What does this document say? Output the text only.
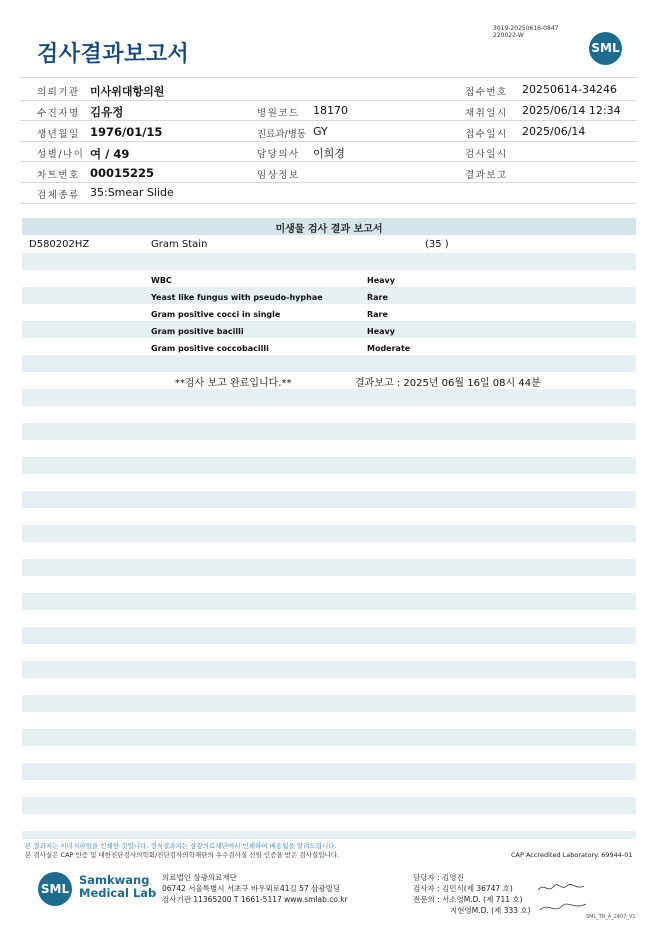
검사결과보고서
3019-20250616-0847
220022-W
SML
의뢰기관 미사위대항의원	접수번호 20250614-34246
수진자명 김유정	병원코드 18170	채취일시 2025/06/14 12:34
생년월일 1976/01/15	진료과/병동 GY	접수일시 2025/06/14
성별/나이 여 / 49	담당의사 이희경	검사일시
차트번호 00015225	임상정보	결과보고
검체종류 35:Smear Slide
미생물 검사 결과 보고서
D580202HZ	Gram Stain	(35 )
WBC	Heavy
Yeast like fungus with pseudo-hyphae	Rare
Gram positive cocci in single	Rare
Gram positive bacilli	Heavy
Gram positive coccobacilli	Moderate
**검사 보고 완료입니다.**	결과보고 : 2025년 06월 16일 08시 44분
본 결과지는 이미지파일을 인쇄한 것입니다. 정식결과지는 삼광의료재단에서 인쇄하여 배송됨을 알려드립니다.
본 검사실은 CAP 인증 및 대한진단검사의학회/진단검사의학재단의 우수검사실 신임 인증을 받은 검사실입니다.	CAP Accredited Laboratory. 69944-01
SML
Samkwang
Medical Lab
의료법인 삼광의료재단
06742 서울특별시 서초구 바우뫼로41길 57 삼광빌딩
검사기관 11365200 T 1661-5117 www.smlab.co.kr
담당자 : 김영진
검사자 : 김민식(제 36747 호)
전문의 : 서소영M.D. (제 711 호)
지현영M.D. (제 333 호)
SML_TR_A_2407_V1
